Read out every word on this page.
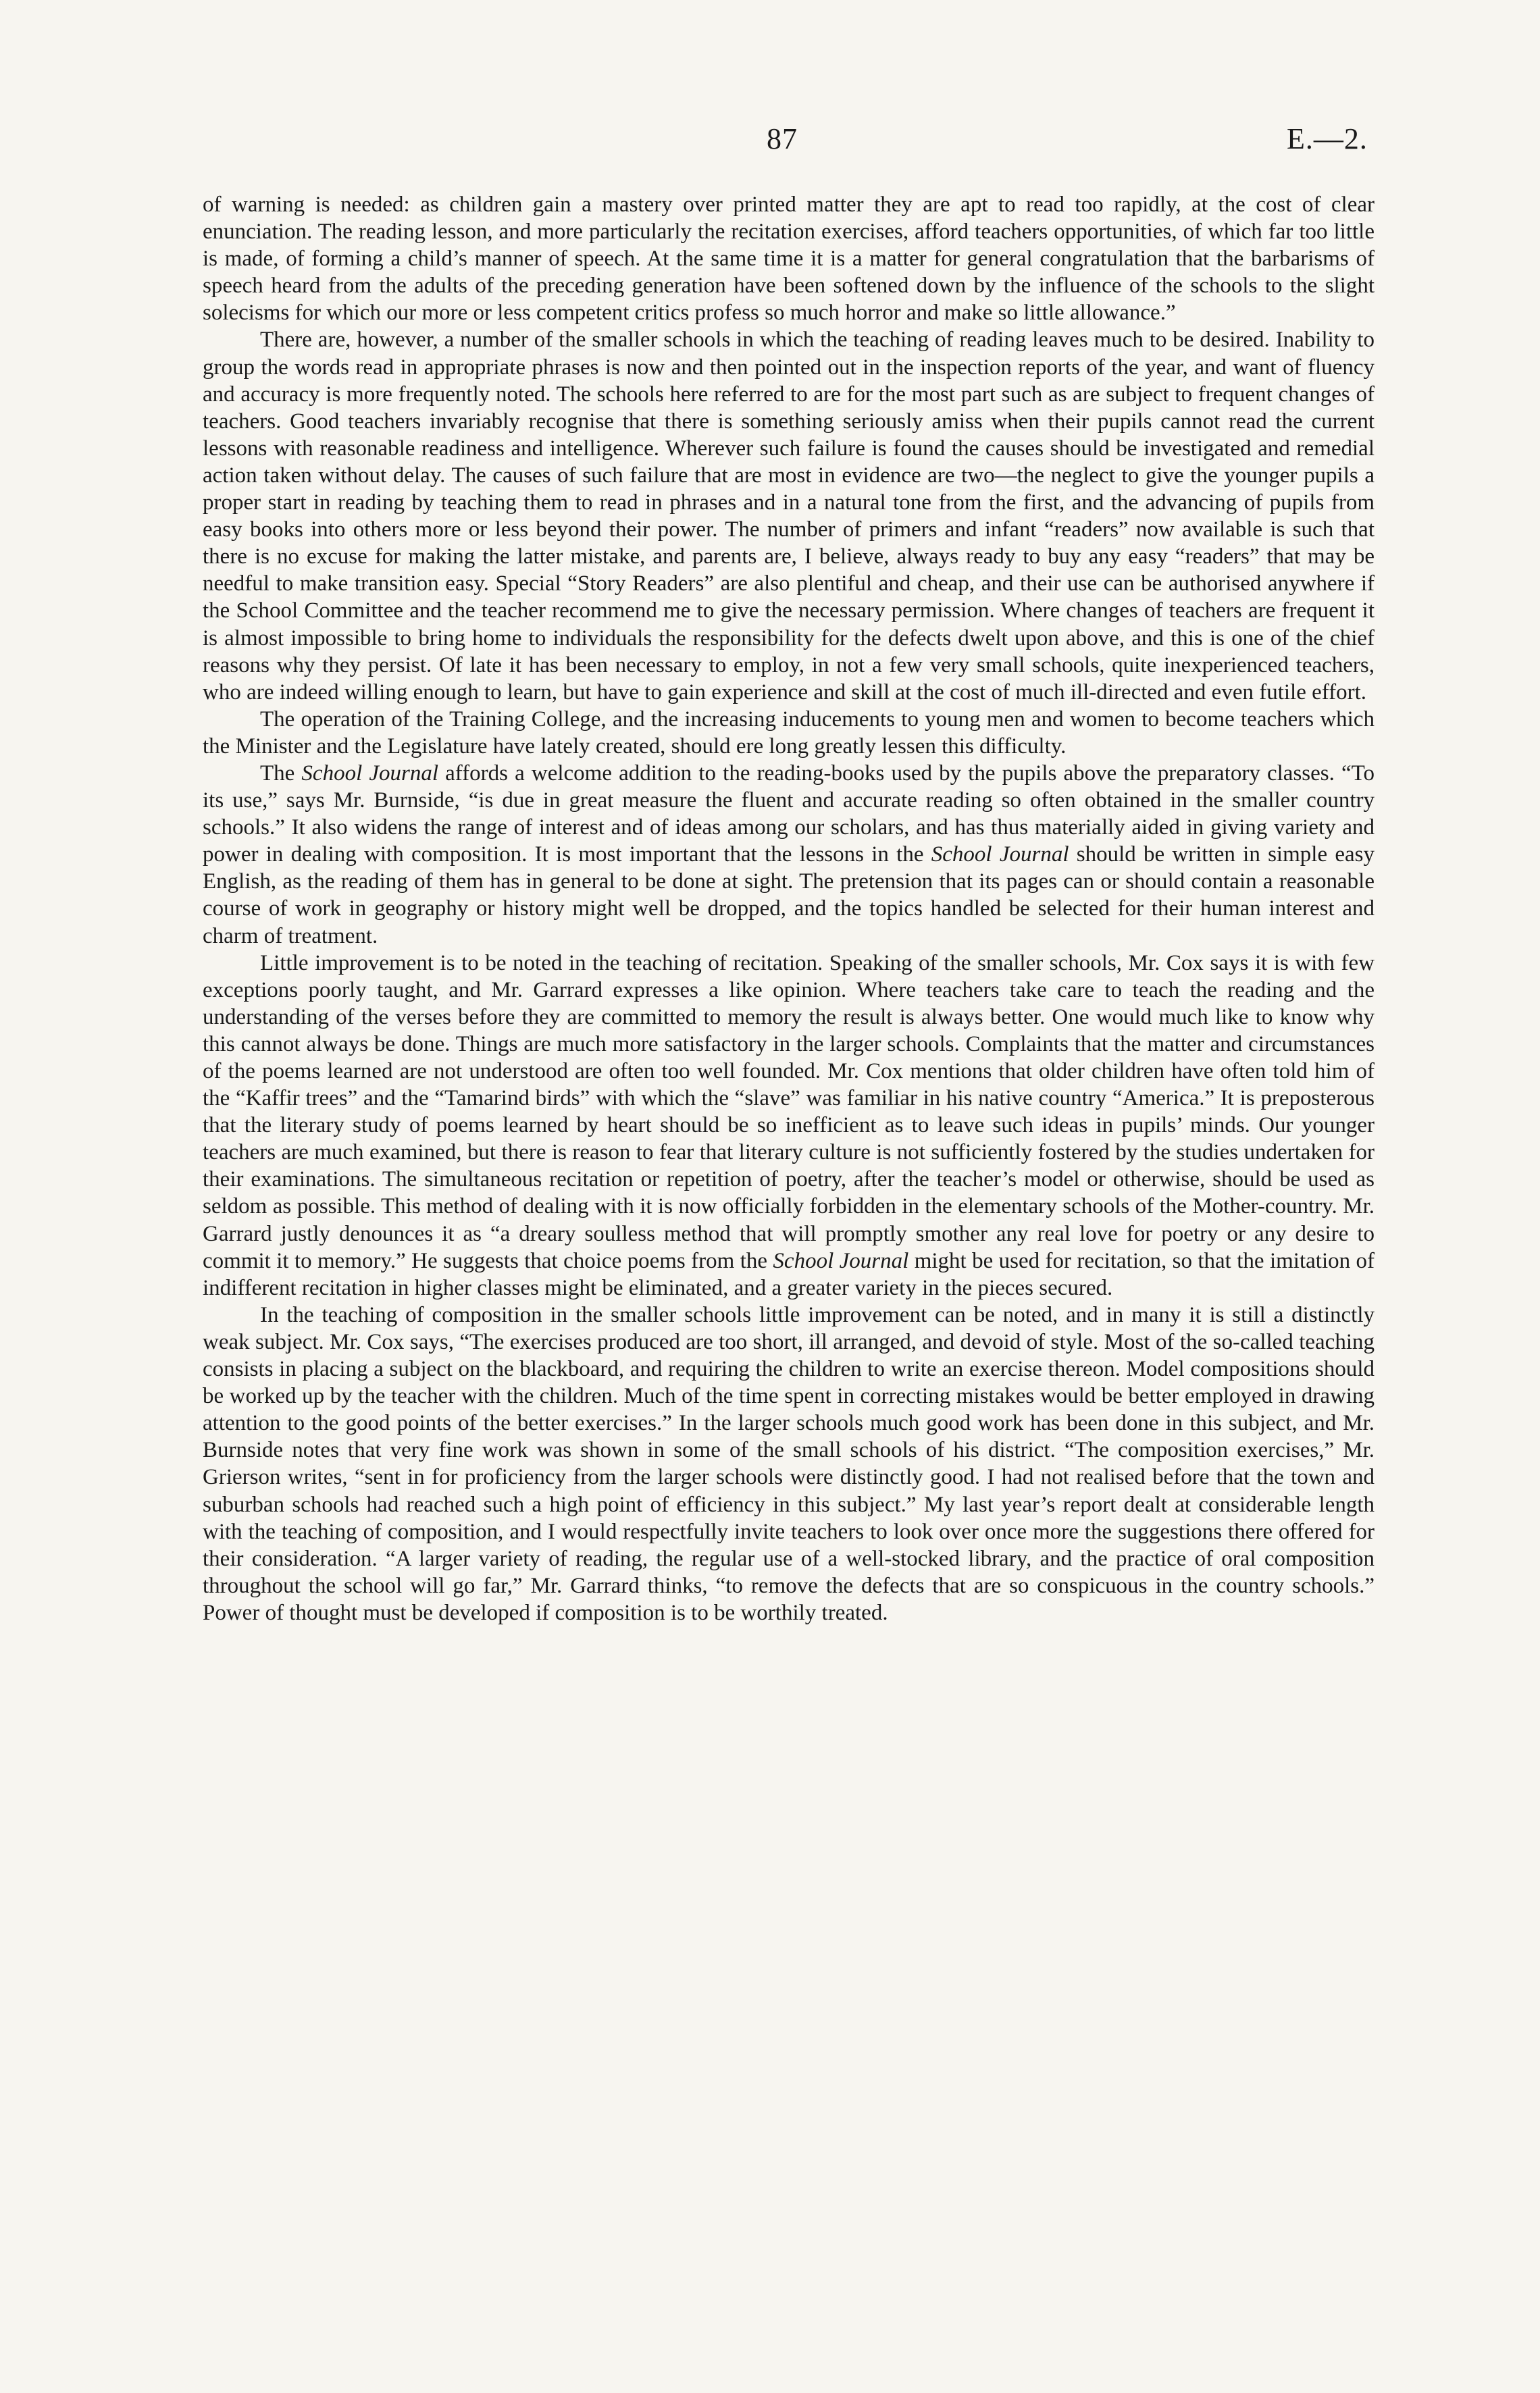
87	E.—2.

of warning is needed: as children gain a mastery over printed matter they are apt to read too rapidly, at the cost of clear enunciation. The reading lesson, and more particularly the recitation exercises, afford teachers opportunities, of which far too little is made, of forming a child’s manner of speech. At the same time it is a matter for general congratulation that the barbarisms of speech heard from the adults of the preceding generation have been softened down by the influence of the schools to the slight solecisms for which our more or less competent critics profess so much horror and make so little allowance.”

There are, however, a number of the smaller schools in which the teaching of reading leaves much to be desired. Inability to group the words read in appropriate phrases is now and then pointed out in the inspection reports of the year, and want of fluency and accuracy is more frequently noted. The schools here referred to are for the most part such as are subject to frequent changes of teachers. Good teachers invariably recognise that there is something seriously amiss when their pupils cannot read the current lessons with reasonable readiness and intelligence. Wherever such failure is found the causes should be investigated and remedial action taken without delay. The causes of such failure that are most in evidence are two—the neglect to give the younger pupils a proper start in reading by teaching them to read in phrases and in a natural tone from the first, and the advancing of pupils from easy books into others more or less beyond their power. The number of primers and infant “readers” now available is such that there is no excuse for making the latter mistake, and parents are, I believe, always ready to buy any easy “readers” that may be needful to make transition easy. Special “Story Readers” are also plentiful and cheap, and their use can be authorised anywhere if the School Committee and the teacher recommend me to give the necessary permission. Where changes of teachers are frequent it is almost impossible to bring home to individuals the responsibility for the defects dwelt upon above, and this is one of the chief reasons why they persist. Of late it has been necessary to employ, in not a few very small schools, quite inexperienced teachers, who are indeed willing enough to learn, but have to gain experience and skill at the cost of much ill-directed and even futile effort.

The operation of the Training College, and the increasing inducements to young men and women to become teachers which the Minister and the Legislature have lately created, should ere long greatly lessen this difficulty.

The School Journal affords a welcome addition to the reading-books used by the pupils above the preparatory classes. “To its use,” says Mr. Burnside, “is due in great measure the fluent and accurate reading so often obtained in the smaller country schools.” It also widens the range of interest and of ideas among our scholars, and has thus materially aided in giving variety and power in dealing with composition. It is most important that the lessons in the School Journal should be written in simple easy English, as the reading of them has in general to be done at sight. The pretension that its pages can or should contain a reasonable course of work in geography or history might well be dropped, and the topics handled be selected for their human interest and charm of treatment.

Little improvement is to be noted in the teaching of recitation. Speaking of the smaller schools, Mr. Cox says it is with few exceptions poorly taught, and Mr. Garrard expresses a like opinion. Where teachers take care to teach the reading and the understanding of the verses before they are committed to memory the result is always better. One would much like to know why this cannot always be done. Things are much more satisfactory in the larger schools. Complaints that the matter and circumstances of the poems learned are not understood are often too well founded. Mr. Cox mentions that older children have often told him of the “Kaffir trees” and the “Tamarind birds” with which the “slave” was familiar in his native country “America.” It is preposterous that the literary study of poems learned by heart should be so inefficient as to leave such ideas in pupils’ minds. Our younger teachers are much examined, but there is reason to fear that literary culture is not sufficiently fostered by the studies undertaken for their examinations. The simultaneous recitation or repetition of poetry, after the teacher’s model or otherwise, should be used as seldom as possible. This method of dealing with it is now officially forbidden in the elementary schools of the Mother-country. Mr. Garrard justly denounces it as “a dreary soulless method that will promptly smother any real love for poetry or any desire to commit it to memory.” He suggests that choice poems from the School Journal might be used for recitation, so that the imitation of indifferent recitation in higher classes might be eliminated, and a greater variety in the pieces secured.

In the teaching of composition in the smaller schools little improvement can be noted, and in many it is still a distinctly weak subject. Mr. Cox says, “The exercises produced are too short, ill arranged, and devoid of style. Most of the so-called teaching consists in placing a subject on the blackboard, and requiring the children to write an exercise thereon. Model compositions should be worked up by the teacher with the children. Much of the time spent in correcting mistakes would be better employed in drawing attention to the good points of the better exercises.” In the larger schools much good work has been done in this subject, and Mr. Burnside notes that very fine work was shown in some of the small schools of his district. “The composition exercises,” Mr. Grierson writes, “sent in for proficiency from the larger schools were distinctly good. I had not realised before that the town and suburban schools had reached such a high point of efficiency in this subject.” My last year’s report dealt at considerable length with the teaching of composition, and I would respectfully invite teachers to look over once more the suggestions there offered for their consideration. “A larger variety of reading, the regular use of a well-stocked library, and the practice of oral composition throughout the school will go far,” Mr. Garrard thinks, “to remove the defects that are so conspicuous in the country schools.” Power of thought must be developed if composition is to be worthily treated.
